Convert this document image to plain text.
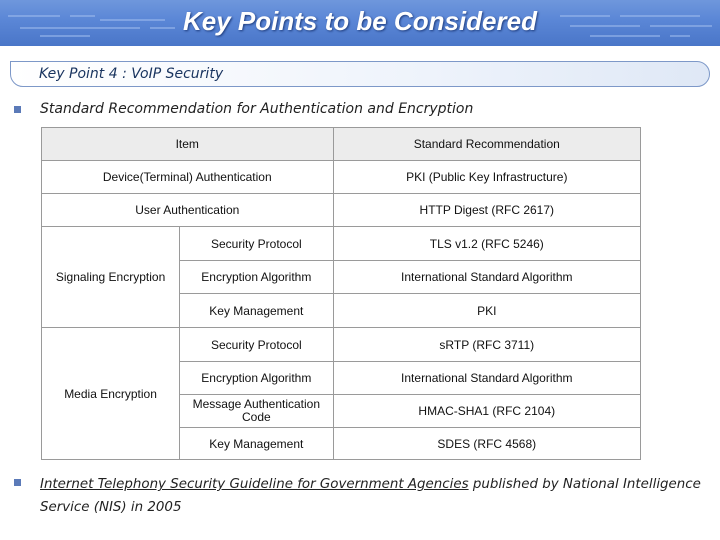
Key Points to be Considered
Key Point 4 : VoIP Security
Standard Recommendation for Authentication and Encryption
Item		Standard Recommendation
Device(Terminal) Authentication		PKI (Public Key Infrastructure)
User Authentication		HTTP Digest (RFC 2617)
Signaling Encryption	Security Protocol	TLS v1.2 (RFC 5246)
	Encryption Algorithm	International Standard Algorithm
	Key Management	PKI
Media Encryption	Security Protocol	sRTP (RFC 3711)
	Encryption Algorithm	International Standard Algorithm
	Message Authentication Code	HMAC-SHA1 (RFC 2104)
	Key Management	SDES (RFC 4568)
Internet Telephony Security Guideline for Government Agencies published by National Intelligence Service (NIS) in 2005
